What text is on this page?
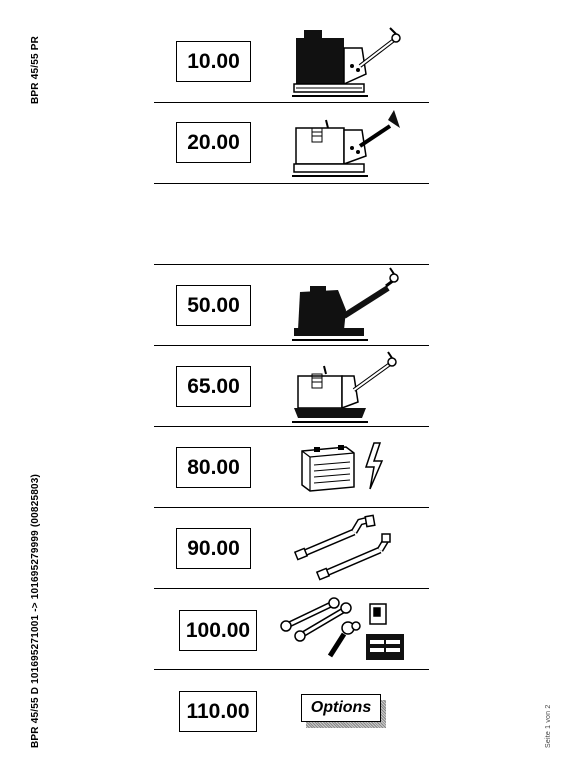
BPR 45/55 PR
BPR 45/55 D 101695271001 -> 101695279999 (00825803)	Seite 1 von 2
10.00
20.00
50.00
65.00
80.00
90.00
100.00
110.00	Options
